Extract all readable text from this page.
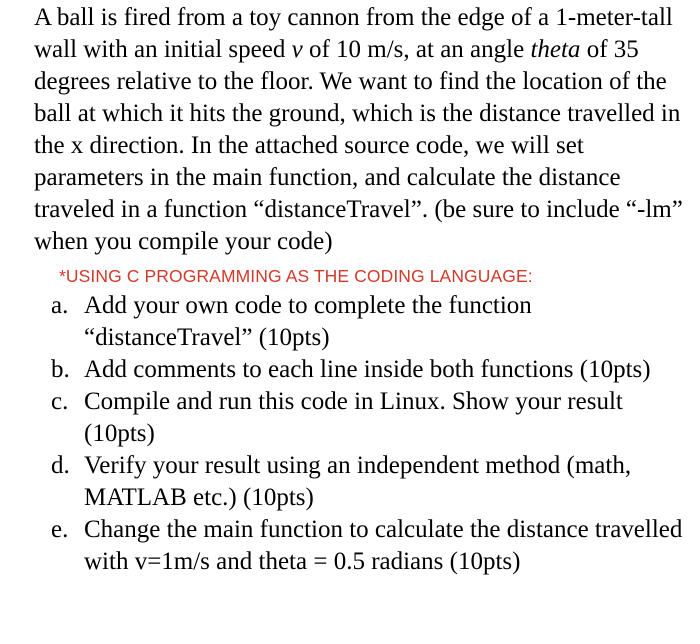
A ball is fired from a toy cannon from the edge of a 1-meter-tall wall with an initial speed v of 10 m/s, at an angle theta of 35 degrees relative to the floor. We want to find the location of the ball at which it hits the ground, which is the distance travelled in the x direction. In the attached source code, we will set parameters in the main function, and calculate the distance traveled in a function “distanceTravel”. (be sure to include “-lm” when you compile your code)

*USING C PROGRAMMING AS THE CODING LANGUAGE:
a. Add your own code to complete the function “distanceTravel” (10pts)
b. Add comments to each line inside both functions (10pts)
c. Compile and run this code in Linux. Show your result (10pts)
d. Verify your result using an independent method (math, MATLAB etc.) (10pts)
e. Change the main function to calculate the distance travelled with v=1m/s and theta = 0.5 radians (10pts)
